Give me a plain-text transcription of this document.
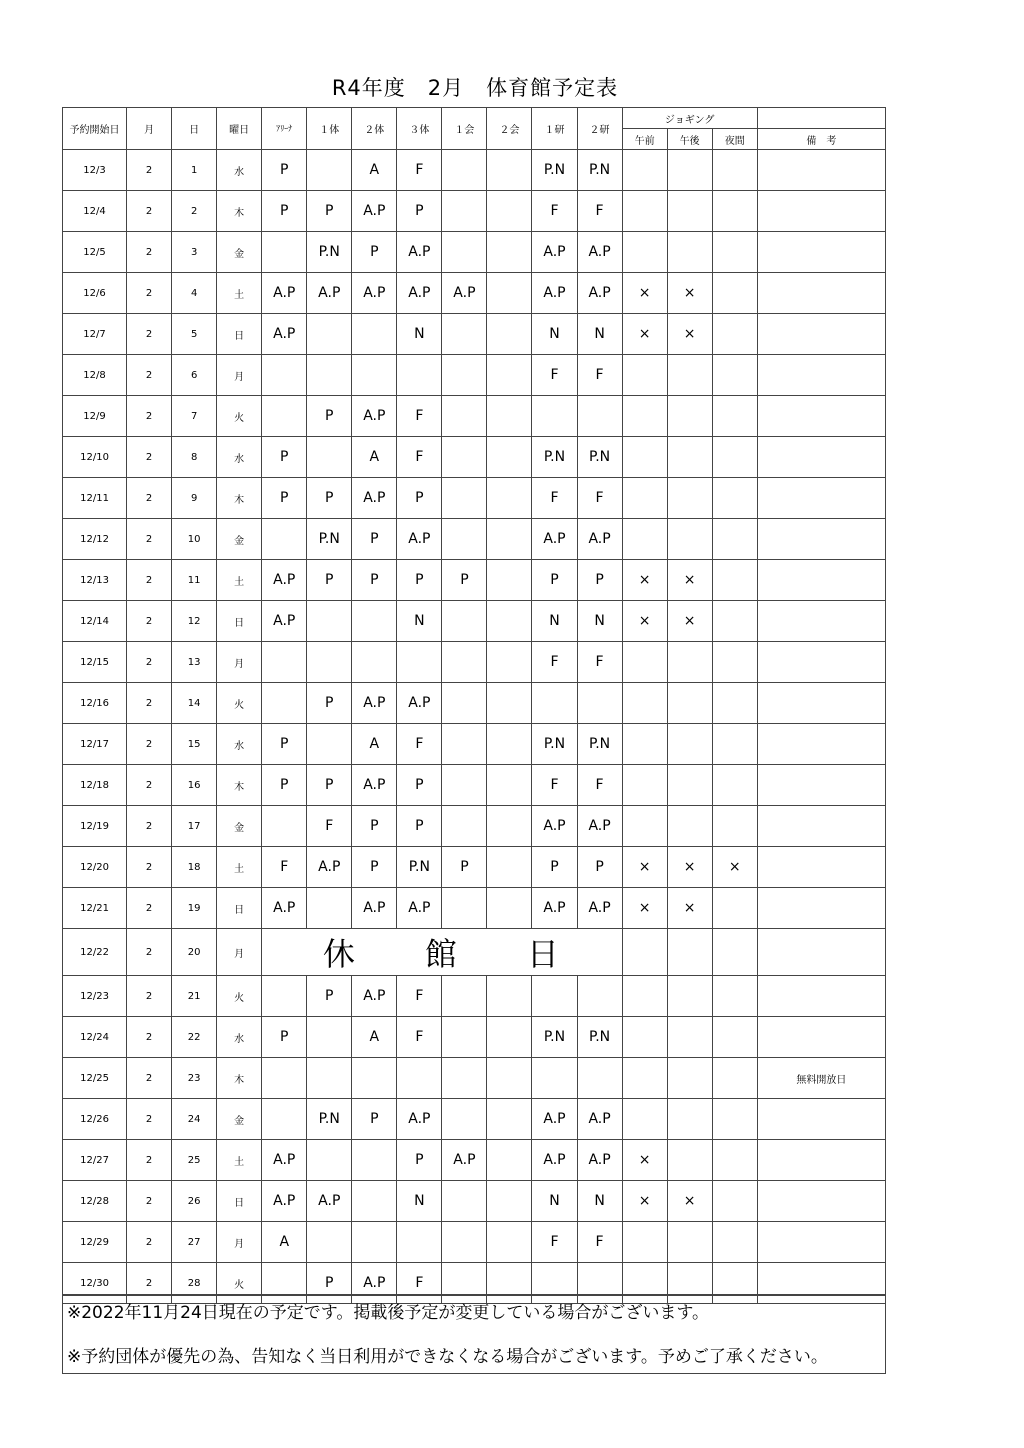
R4年度　2月　体育館予定表
予約開始日	月	日	曜日	ｱﾘｰﾅ	１体	２体	３体	１会	２会	１研	２研	ジョギング			
												午前	午後	夜間	備　考
12/3	2	1	水	P		A	F			P.N	P.N				
12/4	2	2	木	P	P	A.P	P			F	F				
12/5	2	3	金		P.N	P	A.P			A.P	A.P				
12/6	2	4	土	A.P	A.P	A.P	A.P	A.P		A.P	A.P	×	×		
12/7	2	5	日	A.P			N			N	N	×	×		
12/8	2	6	月							F	F				
12/9	2	7	火		P	A.P	F								
12/10	2	8	水	P		A	F			P.N	P.N				
12/11	2	9	木	P	P	A.P	P			F	F				
12/12	2	10	金		P.N	P	A.P			A.P	A.P				
12/13	2	11	土	A.P	P	P	P	P		P	P	×	×		
12/14	2	12	日	A.P			N			N	N	×	×		
12/15	2	13	月							F	F				
12/16	2	14	火		P	A.P	A.P								
12/17	2	15	水	P		A	F			P.N	P.N				
12/18	2	16	木	P	P	A.P	P			F	F				
12/19	2	17	金		F	P	P			A.P	A.P				
12/20	2	18	土	F	A.P	P	P.N	P		P	P	×	×	×	
12/21	2	19	日	A.P		A.P	A.P			A.P	A.P	×	×		
12/22	2	20	月	休　　館　　日											
12/23	2	21	火		P	A.P	F								
12/24	2	22	水	P		A	F			P.N	P.N				
12/25	2	23	木												無料開放日
12/26	2	24	金		P.N	P	A.P			A.P	A.P				
12/27	2	25	土	A.P			P	A.P		A.P	A.P	×			
12/28	2	26	日	A.P	A.P		N			N	N	×	×		
12/29	2	27	月	A						F	F				
12/30	2	28	火		P	A.P	F								

※2022年11月24日現在の予定です。掲載後予定が変更している場合がございます。

※予約団体が優先の為、告知なく当日利用ができなくなる場合がございます。予めご了承ください。
